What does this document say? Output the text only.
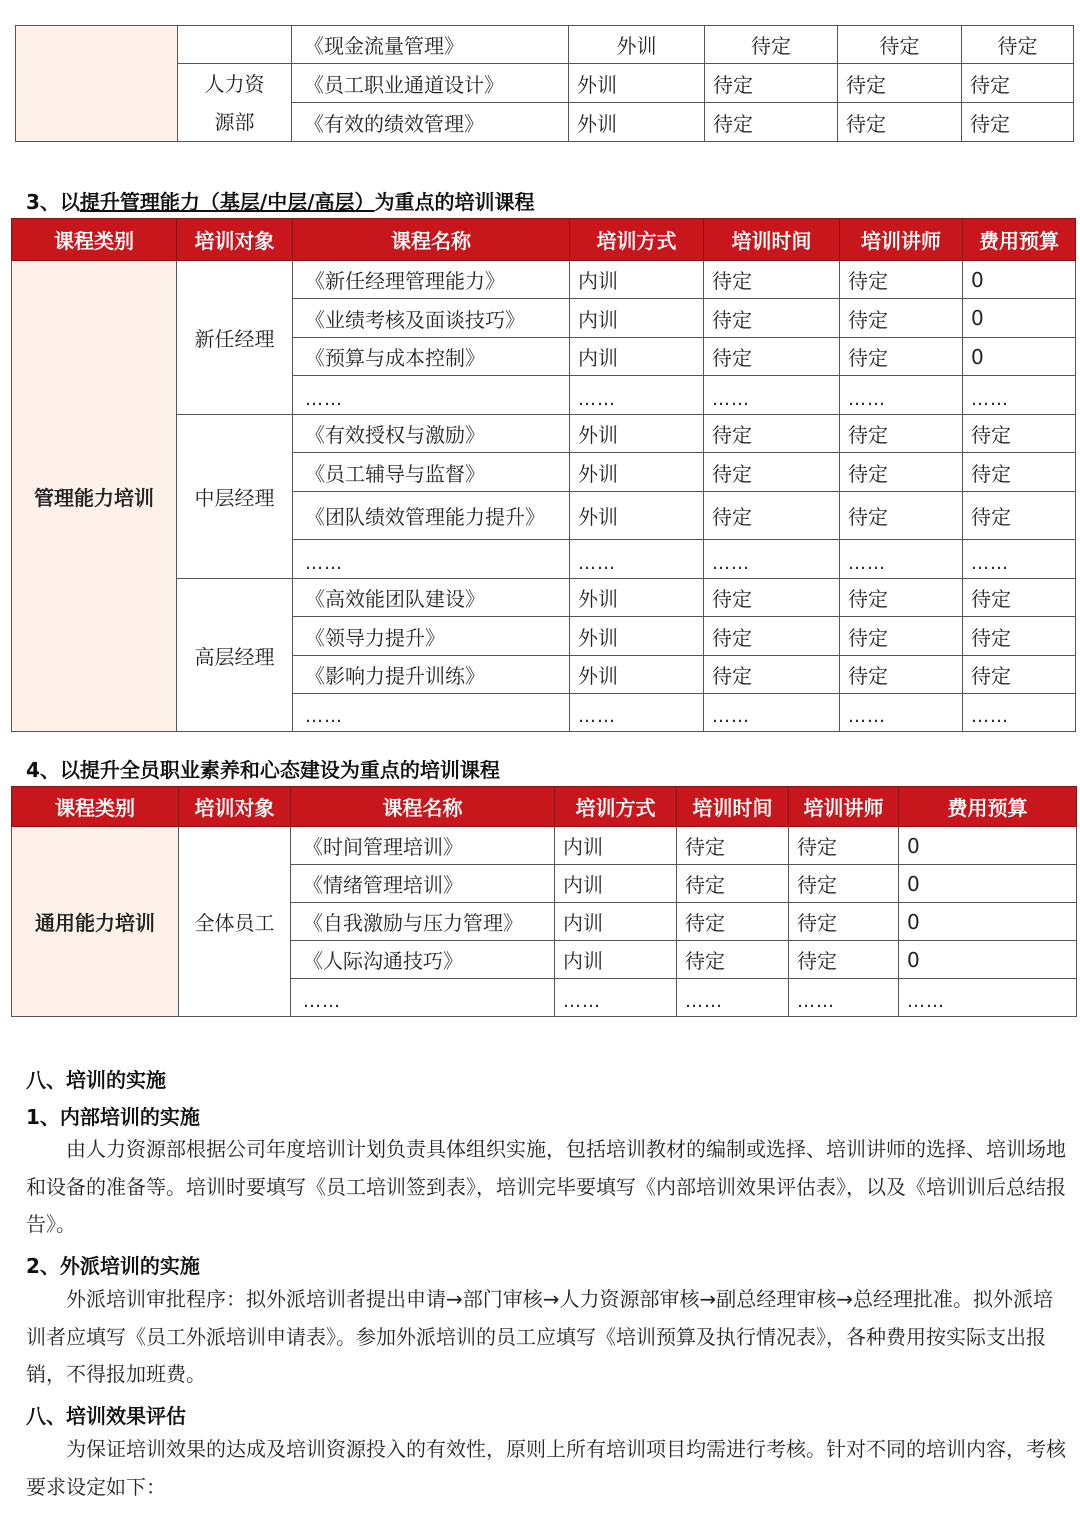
		《现金流量管理》	外训	待定	待定	待定
	人力资源部	《员工职业通道设计》	外训	待定	待定	待定
		《有效的绩效管理》	外训	待定	待定	待定
3、以提升管理能力（基层/中层/高层）为重点的培训课程
课程类别	培训对象	课程名称	培训方式	培训时间	培训讲师	费用预算
管理能力培训	新任经理	《新任经理管理能力》	内训	待定	待定	0
		《业绩考核及面谈技巧》	内训	待定	待定	0
		《预算与成本控制》	内训	待定	待定	0
		……	……	……	……	……
	中层经理	《有效授权与激励》	外训	待定	待定	待定
		《员工辅导与监督》	外训	待定	待定	待定
		《团队绩效管理能力提升》	外训	待定	待定	待定
		……	……	……	……	……
	高层经理	《高效能团队建设》	外训	待定	待定	待定
		《领导力提升》	外训	待定	待定	待定
		《影响力提升训练》	外训	待定	待定	待定
		……	……	……	……	……
4、以提升全员职业素养和心态建设为重点的培训课程
课程类别	培训对象	课程名称	培训方式	培训时间	培训讲师	费用预算
通用能力培训	全体员工	《时间管理培训》	内训	待定	待定	0
		《情绪管理培训》	内训	待定	待定	0
		《自我激励与压力管理》	内训	待定	待定	0
		《人际沟通技巧》	内训	待定	待定	0
		……	……	……	……	……
八、培训的实施
1、内部培训的实施

由人力资源部根据公司年度培训计划负责具体组织实施，包括培训教材的编制或选择、培训讲师的选择、培训场地和设备的准备等。培训时要填写《员工培训签到表》，培训完毕要填写《内部培训效果评估表》，以及《培训训后总结报告》。

2、外派培训的实施

外派培训审批程序：拟外派培训者提出申请→部门审核→人力资源部审核→副总经理审核→总经理批准。拟外派培训者应填写《员工外派培训申请表》。参加外派培训的员工应填写《培训预算及执行情况表》，各种费用按实际支出报销，不得报加班费。

八、培训效果评估

为保证培训效果的达成及培训资源投入的有效性，原则上所有培训项目均需进行考核。针对不同的培训内容，考核要求设定如下：
